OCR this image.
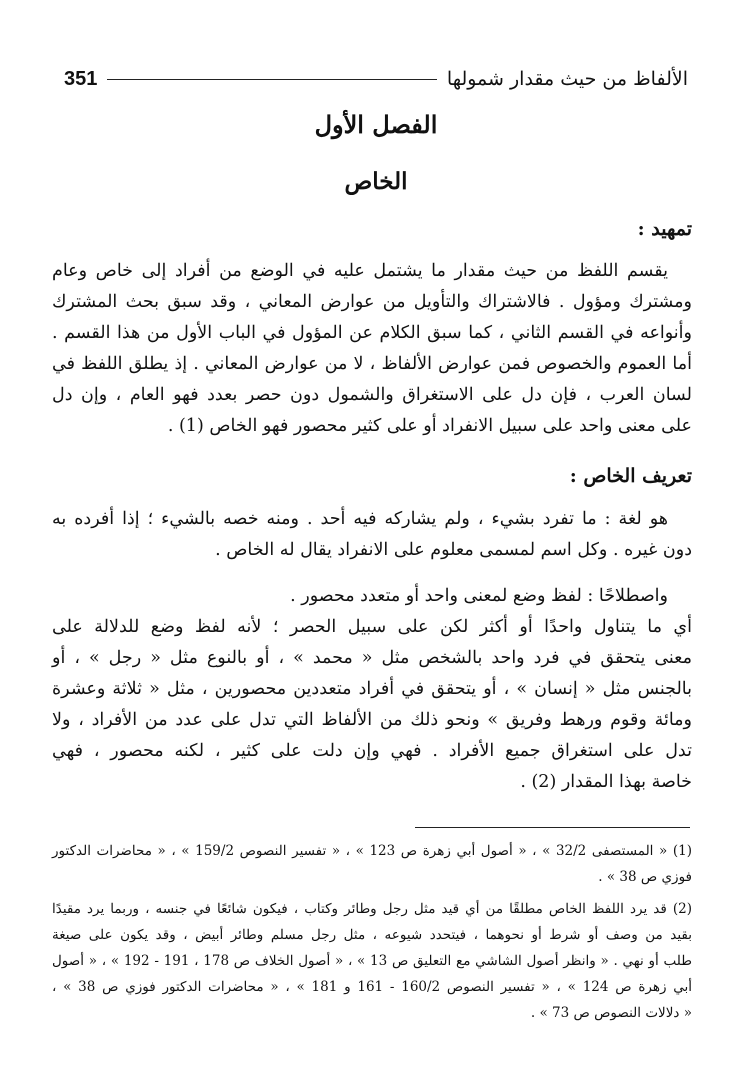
الألفاظ من حيث مقدار شمولها
351
الفصل الأول
الخاص
تمهيد :
يقسم اللفظ من حيث مقدار ما يشتمل عليه في الوضع من أفراد إلى خاص وعام
ومشترك ومؤول . فالاشتراك والتأويل من عوارض المعاني ، وقد سبق بحث المشترك
وأنواعه في القسم الثاني ، كما سبق الكلام عن المؤول في الباب الأول من هذا القسم .
أما العموم والخصوص فمن عوارض الألفاظ ، لا من عوارض المعاني . إذ يطلق اللفظ في
لسان العرب ، فإن دل على الاستغراق والشمول دون حصر بعدد فهو العام ، وإن دل
على معنى واحد على سبيل الانفراد أو على كثير محصور فهو الخاص (1) .
تعريف الخاص :
هو لغة : ما تفرد بشيء ، ولم يشاركه فيه أحد . ومنه خصه بالشيء ؛ إذا أفرده به
دون غيره . وكل اسم لمسمى معلوم على الانفراد يقال له الخاص .
واصطلاحًا : لفظ وضع لمعنى واحد أو متعدد محصور .
أي ما يتناول واحدًا أو أكثر لكن على سبيل الحصر ؛ لأنه لفظ وضع للدلالة على
معنى يتحقق في فرد واحد بالشخص مثل « محمد » ، أو بالنوع مثل « رجل » ، أو
بالجنس مثل « إنسان » ، أو يتحقق في أفراد متعددين محصورين ، مثل « ثلاثة وعشرة
ومائة وقوم ورهط وفريق » ونحو ذلك من الألفاظ التي تدل على عدد من الأفراد ، ولا
تدل على استغراق جميع الأفراد . فهي وإن دلت على كثير ، لكنه محصور ، فهي
خاصة بهذا المقدار (2) .
(1) « المستصفى 32/2 » ، « أصول أبي زهرة ص 123 » ، « تفسير النصوص 159/2 » ، « محاضرات الدكتور
فوزي ص 38 » .
(2) قد يرد اللفظ الخاص مطلقًا من أي قيد مثل رجل وطائر وكتاب ، فيكون شائعًا في جنسه ، وربما يرد مقيدًا
بقيد من وصف أو شرط أو نحوهما ، فيتحدد شيوعه ، مثل رجل مسلم وطائر أبيض ، وقد يكون على صيغة
طلب أو نهي . « وانظر أصول الشاشي مع التعليق ص 13 » ، « أصول الخلاف ص 178 ، 191 - 192 » ، « أصول
أبي زهرة ص 124 » ، « تفسير النصوص 160/2 - 161 و 181 » ، « محاضرات الدكتور فوزي ص 38 » ،
« دلالات النصوص ص 73 » .
